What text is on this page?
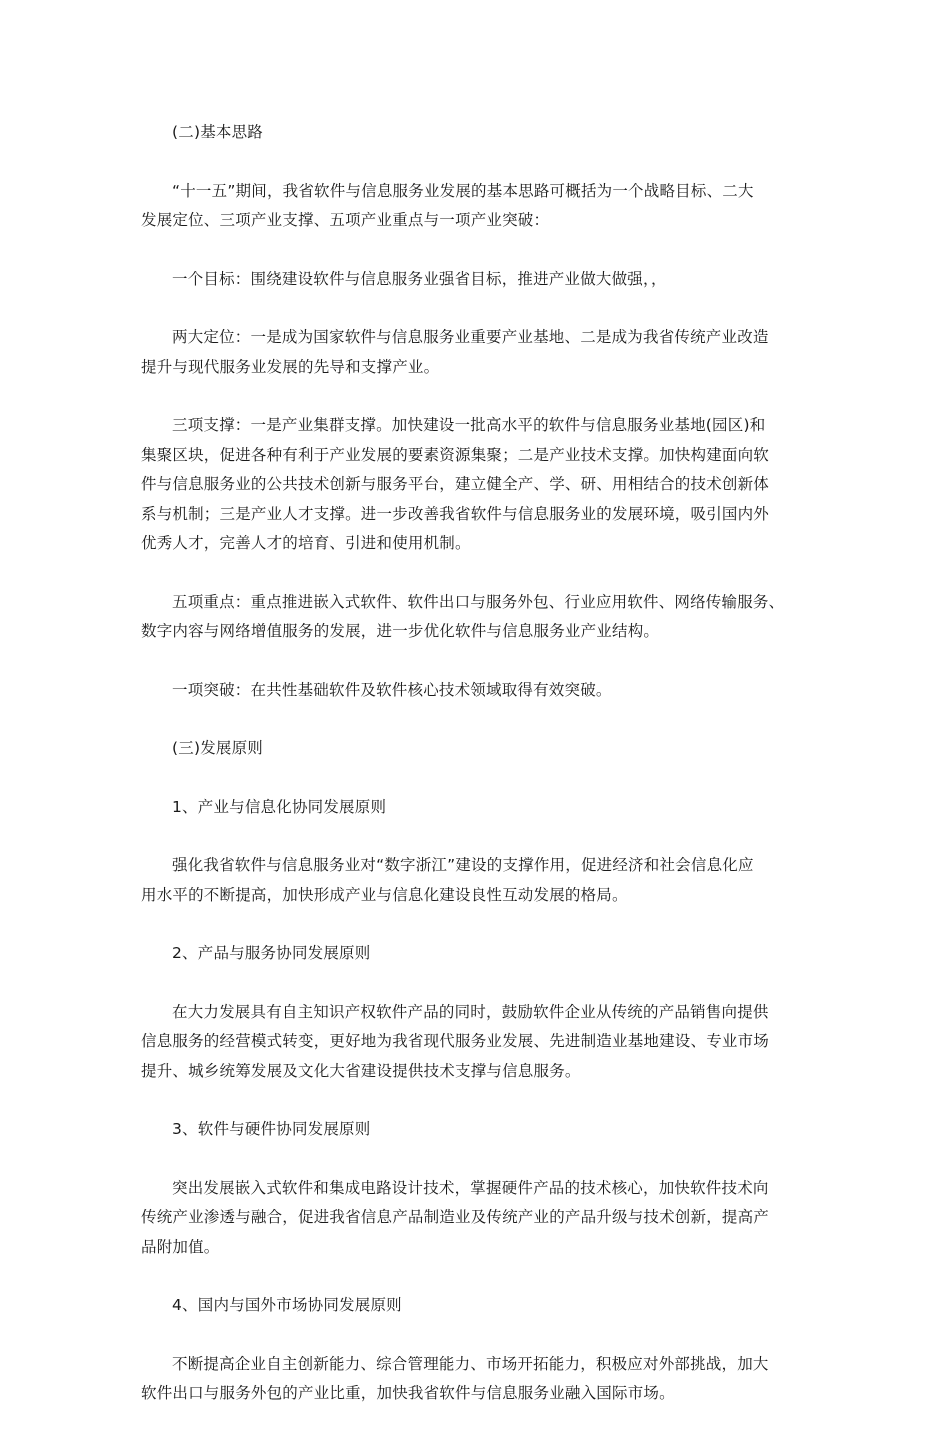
(二)基本思路

“十一五”期间，我省软件与信息服务业发展的基本思路可概括为一个战略目标、二大
发展定位、三项产业支撑、五项产业重点与一项产业突破：

一个目标：围绕建设软件与信息服务业强省目标，推进产业做大做强，，

两大定位：一是成为国家软件与信息服务业重要产业基地、二是成为我省传统产业改造
提升与现代服务业发展的先导和支撑产业。

三项支撑：一是产业集群支撑。加快建设一批高水平的软件与信息服务业基地(园区)和
集聚区块，促进各种有利于产业发展的要素资源集聚；二是产业技术支撑。加快构建面向软
件与信息服务业的公共技术创新与服务平台，建立健全产、学、研、用相结合的技术创新体
系与机制；三是产业人才支撑。进一步改善我省软件与信息服务业的发展环境，吸引国内外
优秀人才，完善人才的培育、引进和使用机制。

五项重点：重点推进嵌入式软件、软件出口与服务外包、行业应用软件、网络传输服务、
数字内容与网络增值服务的发展，进一步优化软件与信息服务业产业结构。

一项突破：在共性基础软件及软件核心技术领域取得有效突破。

(三)发展原则

1、产业与信息化协同发展原则

强化我省软件与信息服务业对“数字浙江”建设的支撑作用，促进经济和社会信息化应
用水平的不断提高，加快形成产业与信息化建设良性互动发展的格局。

2、产品与服务协同发展原则

在大力发展具有自主知识产权软件产品的同时，鼓励软件企业从传统的产品销售向提供
信息服务的经营模式转变，更好地为我省现代服务业发展、先进制造业基地建设、专业市场
提升、城乡统筹发展及文化大省建设提供技术支撑与信息服务。

3、软件与硬件协同发展原则

突出发展嵌入式软件和集成电路设计技术，掌握硬件产品的技术核心，加快软件技术向
传统产业渗透与融合，促进我省信息产品制造业及传统产业的产品升级与技术创新，提高产
品附加值。

4、国内与国外市场协同发展原则

不断提高企业自主创新能力、综合管理能力、市场开拓能力，积极应对外部挑战，加大
软件出口与服务外包的产业比重，加快我省软件与信息服务业融入国际市场。
